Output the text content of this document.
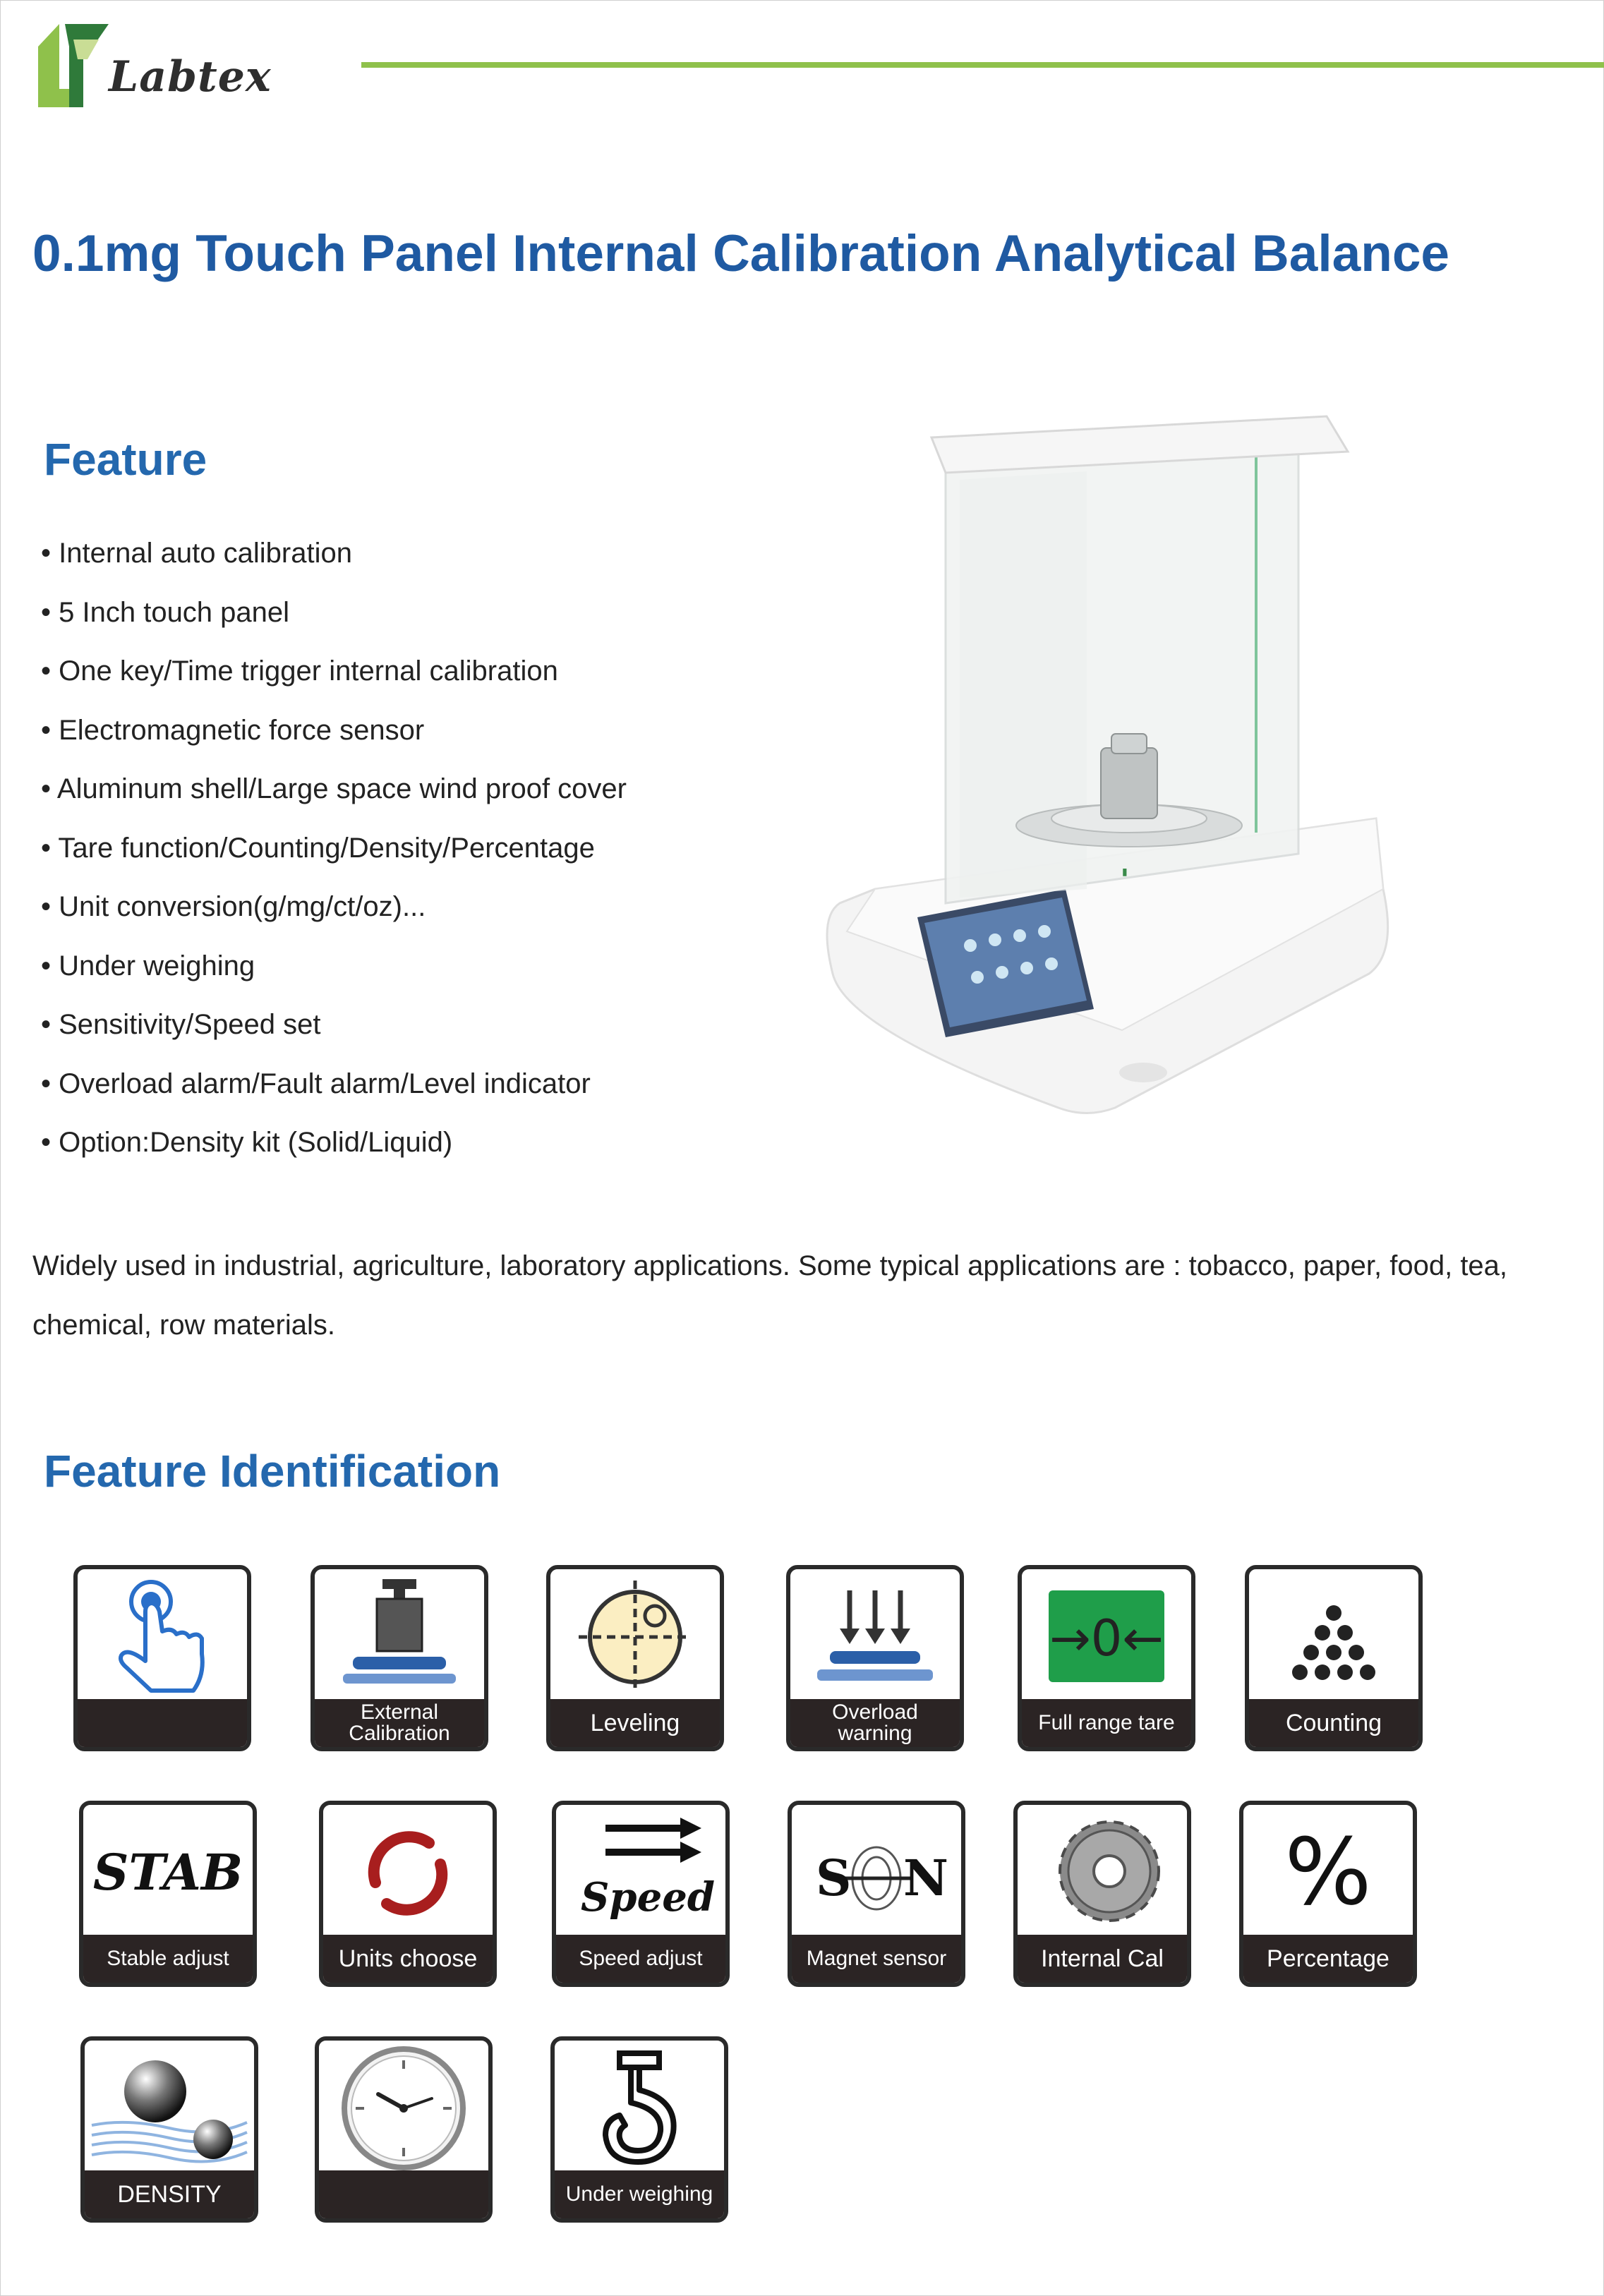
Labtex
0.1mg Touch Panel Internal Calibration Analytical Balance
Feature
• Internal auto calibration
• 5 Inch touch panel
• One key/Time trigger internal calibration
• Electromagnetic force sensor
• Aluminum shell/Large space wind proof cover
• Tare function/Counting/Density/Percentage
• Unit conversion(g/mg/ct/oz)...
• Under weighing
• Sensitivity/Speed set
• Overload alarm/Fault alarm/Level indicator
• Option:Density kit (Solid/Liquid)
▮
Widely used in industrial, agriculture, laboratory applications. Some typical applications are : tobacco, paper, food, tea, chemical, row materials.
Feature Identification
External
Calibration	Leveling	Overload
warning
→0←
Full range tare	Counting
STAB
Stable adjust	Units choose
Speed
Speed adjust
S N
Magnet sensor	Internal Cal
%
Percentage
DENSITY	Under weighing
